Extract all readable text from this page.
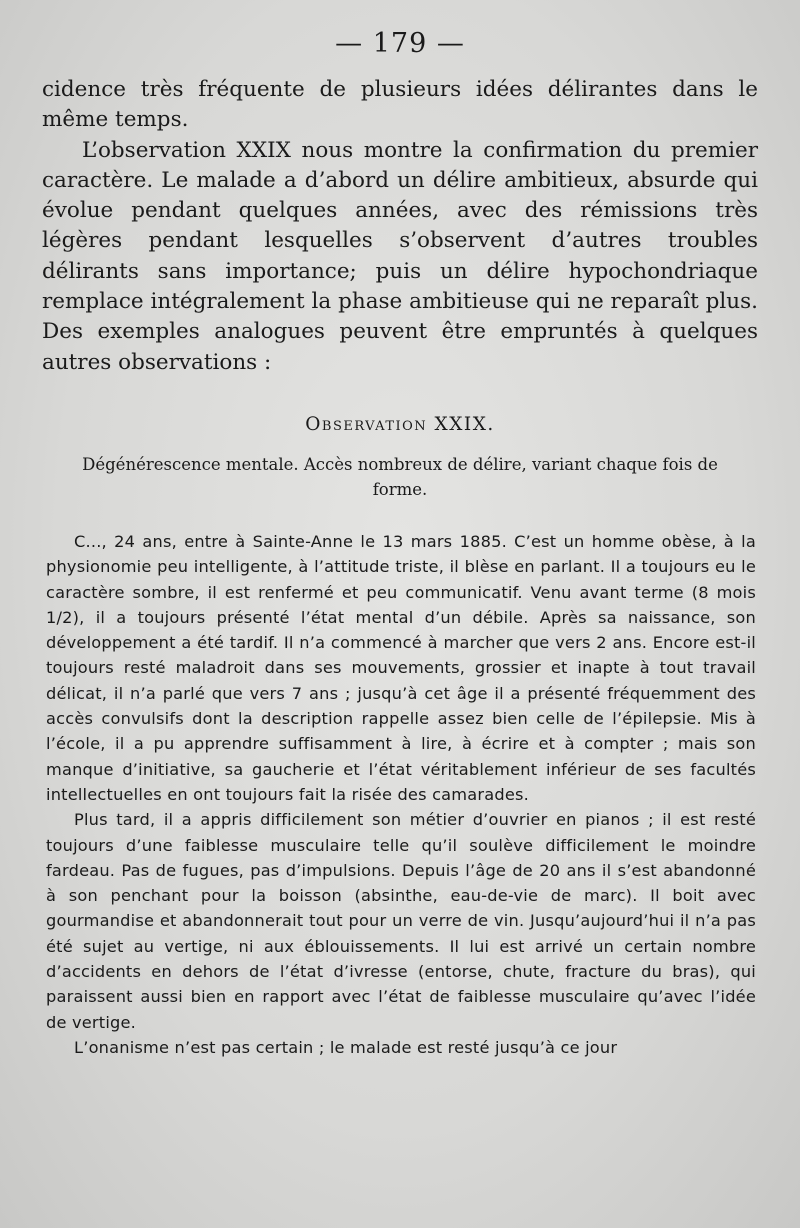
— 179 —

cidence très fréquente de plusieurs idées délirantes dans le même temps.

L’observation XXIX nous montre la confirmation du premier caractère. Le malade a d’abord un délire ambitieux, absurde qui évolue pendant quelques années, avec des rémissions très légères pendant lesquelles s’observent d’autres troubles délirants sans importance; puis un délire hypochondriaque remplace intégralement la phase ambitieuse qui ne reparaît plus. Des exemples analogues peuvent être empruntés à quelques autres observations :

Observation XXIX.
Dégénérescence mentale. Accès nombreux de délire, variant chaque fois de forme.

C..., 24 ans, entre à Sainte-Anne le 13 mars 1885. C’est un homme obèse, à la physionomie peu intelligente, à l’attitude triste, il blèse en parlant. Il a toujours eu le caractère sombre, il est renfermé et peu communicatif. Venu avant terme (8 mois 1/2), il a toujours présenté l’état mental d’un débile. Après sa naissance, son développement a été tardif. Il n’a commencé à marcher que vers 2 ans. Encore est-il toujours resté maladroit dans ses mouvements, grossier et inapte à tout travail délicat, il n’a parlé que vers 7 ans ; jusqu’à cet âge il a présenté fréquemment des accès convulsifs dont la description rappelle assez bien celle de l’épilepsie. Mis à l’école, il a pu apprendre suffisamment à lire, à écrire et à compter ; mais son manque d’initiative, sa gaucherie et l’état véritablement inférieur de ses facultés intellectuelles en ont toujours fait la risée des camarades.

Plus tard, il a appris difficilement son métier d’ouvrier en pianos ; il est resté toujours d’une faiblesse musculaire telle qu’il soulève difficilement le moindre fardeau. Pas de fugues, pas d’impulsions. Depuis l’âge de 20 ans il s’est abandonné à son penchant pour la boisson (absinthe, eau-de-vie de marc). Il boit avec gourmandise et abandonnerait tout pour un verre de vin. Jusqu’aujourd’hui il n’a pas été sujet au vertige, ni aux éblouissements. Il lui est arrivé un certain nombre d’accidents en dehors de l’état d’ivresse (entorse, chute, fracture du bras), qui paraissent aussi bien en rapport avec l’état de faiblesse musculaire qu’avec l’idée de vertige.

L’onanisme n’est pas certain ; le malade est resté jusqu’à ce jour
